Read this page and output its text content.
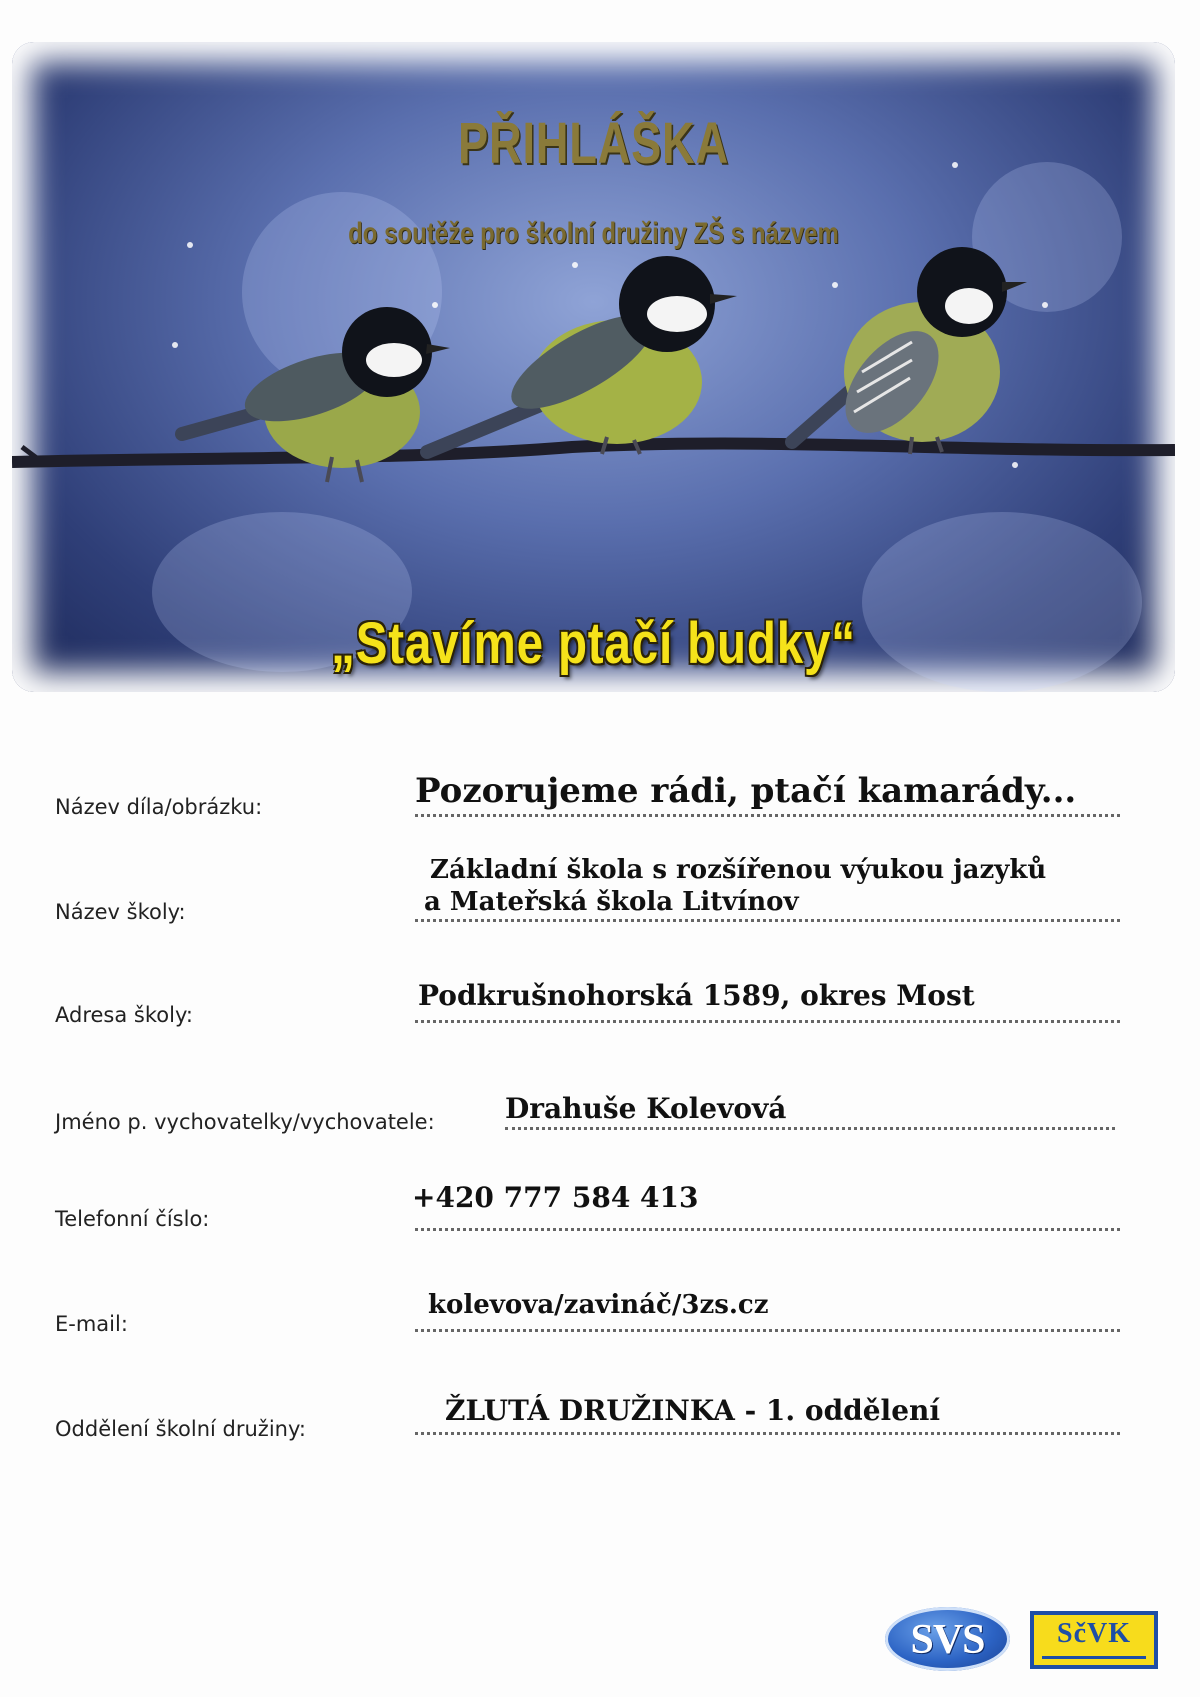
PŘIHLÁŠKA
do soutěže pro školní družiny ZŠ s názvem
„Stavíme ptačí budky“
Název díla/obrázku:	Pozorujeme rádi, ptačí kamarády...
Název školy:
Základní škola s rozšířenou výukou jazyků
a Mateřská škola Litvínov
Adresa školy:
Podkrušnohorská 1589, okres Most
Jméno p. vychovatelky/vychovatele:	Drahuše Kolevová
Telefonní číslo:
+420 777 584 413
E-mail:
kolevova/zavináč/3zs.cz
Oddělení školní družiny:
ŽLUTÁ DRUŽINKA - 1. oddělení
SVS	SčVK
